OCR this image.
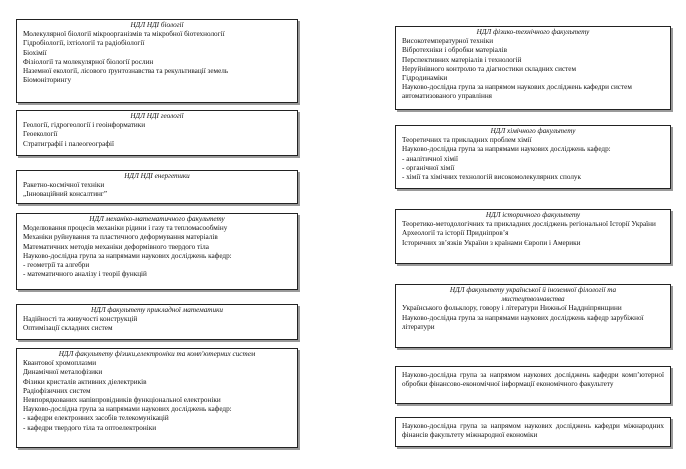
НДЛ НДІ біології
Молекулярної біології мікроорганізмів та мікробної біотехнології
Гідробіології, іхтіології та радіобіології
Біохімії
Фізіології та молекулярної біології рослин
Наземної екології, лісового ґрунтознавства та рекультивації земель
Біомоніторингу
НДЛ НДІ геології
Геології, гідрогеології і геоінформатики
Геоекології
Стратиграфії і палеогеографії
НДЛ НДІ енергетики
Ракетно-космічної техніки
„Інноваційний консалтинг”
НДЛ механіко-математичного факультету
Моделювання процесів механіки рідини і газу та тепломасообміну
Механіки руйнування та пластичного деформування матеріалів
Математичних методів механіки деформівного твердого тіла
Науково-дослідна група за напрямами наукових досліджень кафедр:
- геометрії та алгебри
- математичного аналізу і теорії функцій
НДЛ факультету прикладної математики
Надійності та живучості конструкцій
Оптимізації складних систем
НДЛ факультету фізики,електроніки та комп'ютерних систем
Квантової хромоплазми
Динамічної металофізики
Фізики кристалів активних діелектриків
Радіофізичних систем
Невпорядкованих напівпровідників функціональної електроніки
Науково-дослідна група за напрямами наукових досліджень кафедр:
- кафедри електронних засобів телекомунікацій
- кафедри твердого тіла та оптоелектроніки
НДЛ фізико-технічного факультету
Високотемпературної техніки
Вібротехніки і обробки матеріалів
Перспективних матеріалів і технологій
Неруйнівного контролю та діагностики складних систем
Гідродинаміки
Науково-дослідна група за напрямом наукових досліджень кафедри систем автоматизованого управління
НДЛ хімічного факультету
Теоретичних та прикладних проблем хімії
Науково-дослідна група за напрямами наукових досліджень кафедр:
- аналітичної хімії
- органічної хімії
- хімії та хімічних технологій високомолекулярних сполук
НДЛ історичного факультету
Теоретико-методологічних та прикладних досліджень регіональної Історії України
Археології та історії Придніпров’я
Історичних зв’язків України з країнами Європи і Америки
НДЛ факультету української й іноземної філології та мистецтвознавства
Українського фольклору, говору і літератури Нижньої Наддніпрянщини
Науково-дослідна група за напрямами наукових досліджень кафедр зарубіжної літератури
Науково-дослідна група за напрямом наукових досліджень кафедри комп’ютерної обробки фінансово-економічної інформації економічного факультету
Науково-дослідна група за напрямом наукових досліджень кафедри міжнародних фінансів факультету міжнародної економіки
